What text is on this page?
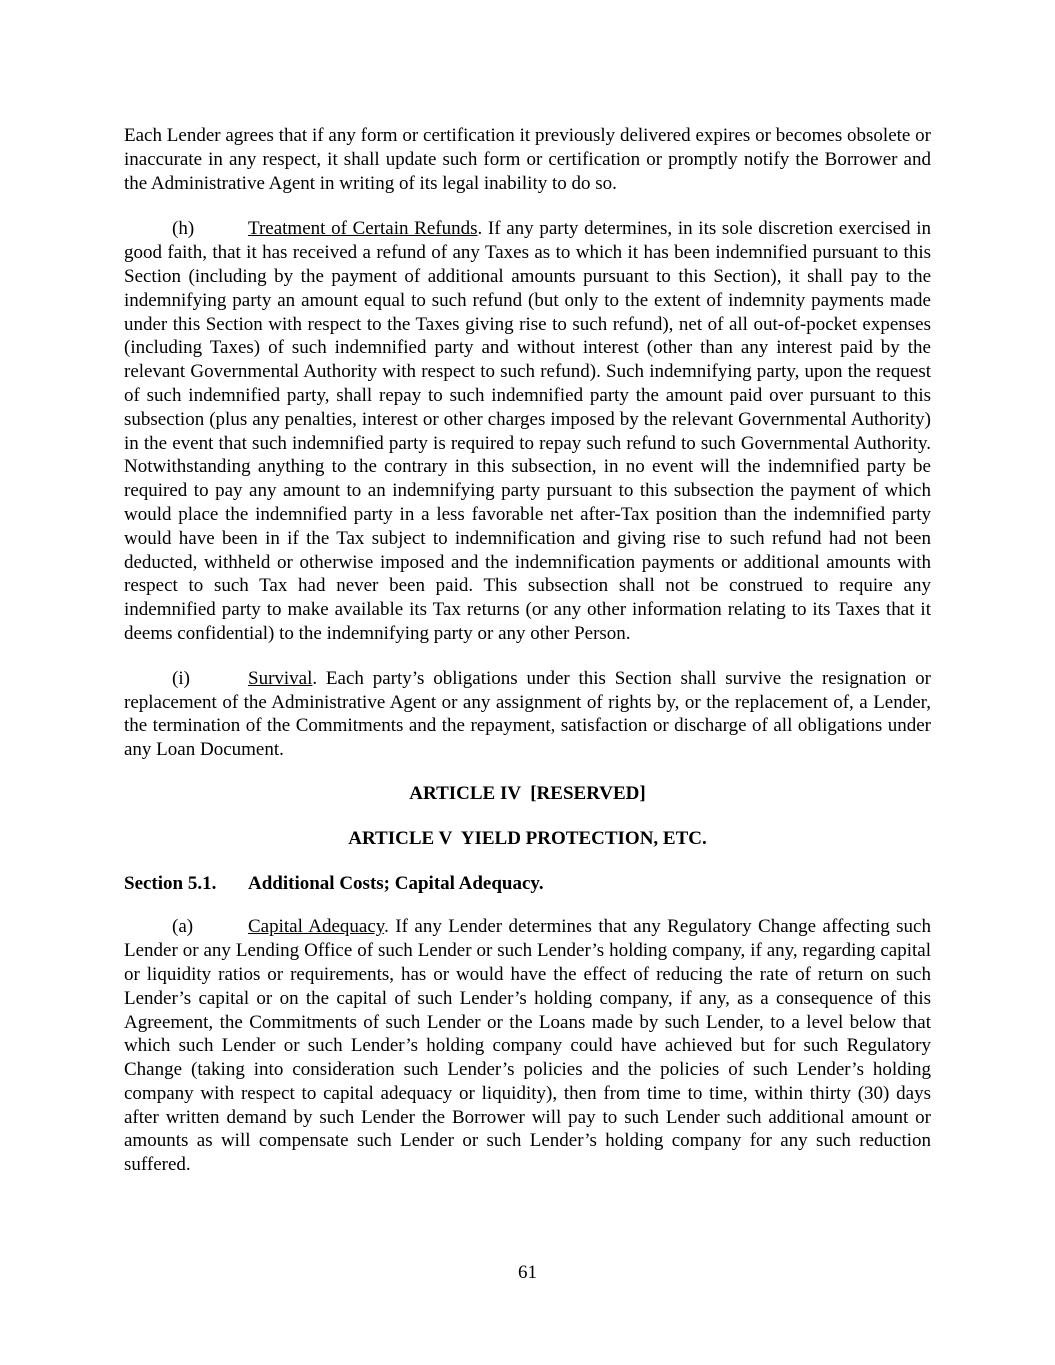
Each Lender agrees that if any form or certification it previously delivered expires or becomes obsolete or inaccurate in any respect, it shall update such form or certification or promptly notify the Borrower and the Administrative Agent in writing of its legal inability to do so.

(h)	Treatment of Certain Refunds. If any party determines, in its sole discretion exercised in good faith, that it has received a refund of any Taxes as to which it has been indemnified pursuant to this Section (including by the payment of additional amounts pursuant to this Section), it shall pay to the indemnifying party an amount equal to such refund (but only to the extent of indemnity payments made under this Section with respect to the Taxes giving rise to such refund), net of all out-of-pocket expenses (including Taxes) of such indemnified party and without interest (other than any interest paid by the relevant Governmental Authority with respect to such refund). Such indemnifying party, upon the request of such indemnified party, shall repay to such indemnified party the amount paid over pursuant to this subsection (plus any penalties, interest or other charges imposed by the relevant Governmental Authority) in the event that such indemnified party is required to repay such refund to such Governmental Authority. Notwithstanding anything to the contrary in this subsection, in no event will the indemnified party be required to pay any amount to an indemnifying party pursuant to this subsection the payment of which would place the indemnified party in a less favorable net after-Tax position than the indemnified party would have been in if the Tax subject to indemnification and giving rise to such refund had not been deducted, withheld or otherwise imposed and the indemnification payments or additional amounts with respect to such Tax had never been paid. This subsection shall not be construed to require any indemnified party to make available its Tax returns (or any other information relating to its Taxes that it deems confidential) to the indemnifying party or any other Person.

(i)	Survival. Each party’s obligations under this Section shall survive the resignation or replacement of the Administrative Agent or any assignment of rights by, or the replacement of, a Lender, the termination of the Commitments and the repayment, satisfaction or discharge of all obligations under any Loan Document.

ARTICLE IV  [RESERVED]

ARTICLE V  YIELD PROTECTION, ETC.

Section 5.1. Additional Costs; Capital Adequacy.

(a)	Capital Adequacy. If any Lender determines that any Regulatory Change affecting such Lender or any Lending Office of such Lender or such Lender’s holding company, if any, regarding capital or liquidity ratios or requirements, has or would have the effect of reducing the rate of return on such Lender’s capital or on the capital of such Lender’s holding company, if any, as a consequence of this Agreement, the Commitments of such Lender or the Loans made by such Lender, to a level below that which such Lender or such Lender’s holding company could have achieved but for such Regulatory Change (taking into consideration such Lender’s policies and the policies of such Lender’s holding company with respect to capital adequacy or liquidity), then from time to time, within thirty (30) days after written demand by such Lender the Borrower will pay to such Lender such additional amount or amounts as will compensate such Lender or such Lender’s holding company for any such reduction suffered.

61
